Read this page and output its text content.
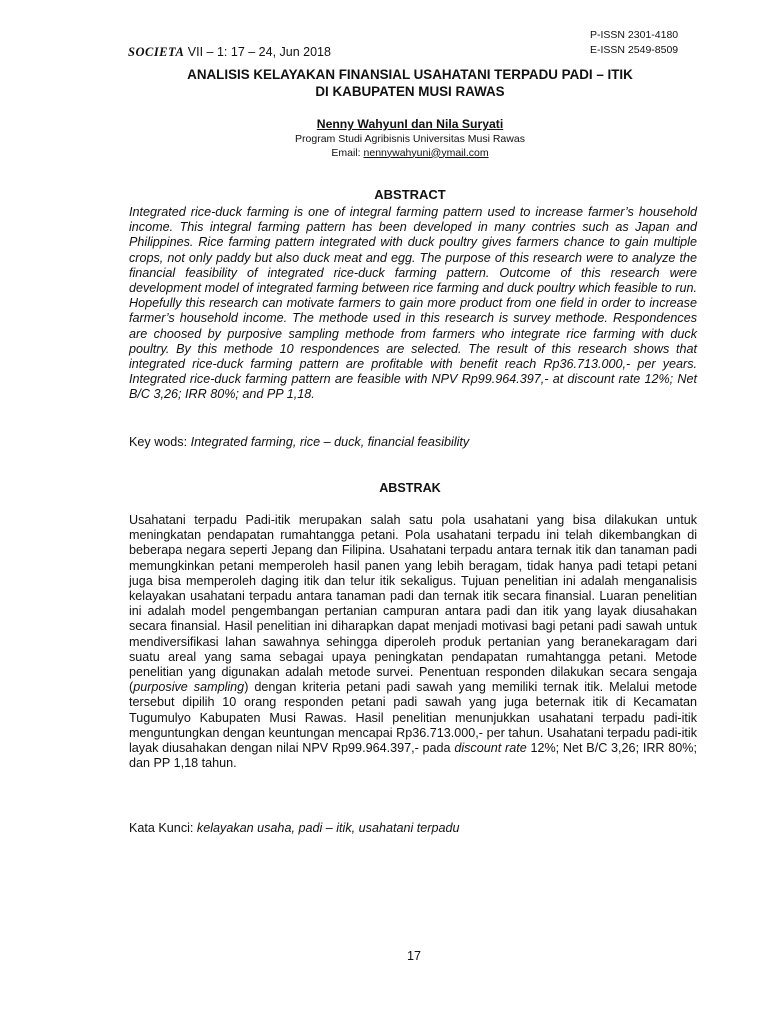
SOCIETA VII – 1: 17 – 24, Jun 2018
P-ISSN 2301-4180
E-ISSN 2549-8509
ANALISIS KELAYAKAN FINANSIAL USAHATANI TERPADU PADI – ITIK
DI KABUPATEN MUSI RAWAS
Nenny WahyunI dan Nila Suryati
Program Studi Agribisnis Universitas Musi Rawas
Email: nennywahyuni@ymail.com
ABSTRACT
Integrated rice-duck farming is one of integral farming pattern used to increase farmer’s household income. This integral farming pattern has been developed in many contries such as Japan and Philippines. Rice farming pattern integrated with duck poultry gives farmers chance to gain multiple crops, not only paddy but also duck meat and egg. The purpose of this research were to analyze the financial feasibility of integrated rice-duck farming pattern. Outcome of this research were development model of integrated farming between rice farming and duck poultry which feasible to run. Hopefully this research can motivate farmers to gain more product from one field in order to increase farmer’s household income. The methode used in this research is survey methode. Respondences are choosed by purposive sampling methode from farmers who integrate rice farming with duck poultry. By this methode 10 respondences are selected. The result of this research shows that integrated rice-duck farming pattern are profitable with benefit reach Rp36.713.000,- per years. Integrated rice-duck farming pattern are feasible with NPV Rp99.964.397,- at discount rate 12%; Net B/C 3,26; IRR 80%; and PP 1,18.
Key wods: Integrated farming, rice – duck, financial feasibility
ABSTRAK
Usahatani terpadu Padi-itik merupakan salah satu pola usahatani yang bisa dilakukan untuk meningkatan pendapatan rumahtangga petani. Pola usahatani terpadu ini telah dikembangkan di beberapa negara seperti Jepang dan Filipina. Usahatani terpadu antara ternak itik dan tanaman padi memungkinkan petani memperoleh hasil panen yang lebih beragam, tidak hanya padi tetapi petani juga bisa memperoleh daging itik dan telur itik sekaligus. Tujuan penelitian ini adalah menganalisis kelayakan usahatani terpadu antara tanaman padi dan ternak itik secara finansial. Luaran penelitian ini adalah model pengembangan pertanian campuran antara padi dan itik yang layak diusahakan secara finansial. Hasil penelitian ini diharapkan dapat menjadi motivasi bagi petani padi sawah untuk mendiversifikasi lahan sawahnya sehingga diperoleh produk pertanian yang beranekaragam dari suatu areal yang sama sebagai upaya peningkatan pendapatan rumahtangga petani. Metode penelitian yang digunakan adalah metode survei. Penentuan responden dilakukan secara sengaja (purposive sampling) dengan kriteria petani padi sawah yang memiliki ternak itik. Melalui metode tersebut dipilih 10 orang responden petani padi sawah yang juga beternak itik di Kecamatan Tugumulyo Kabupaten Musi Rawas. Hasil penelitian menunjukkan usahatani terpadu padi-itik menguntungkan dengan keuntungan mencapai Rp36.713.000,- per tahun. Usahatani terpadu padi-itik layak diusahakan dengan nilai NPV Rp99.964.397,- pada discount rate 12%; Net B/C 3,26; IRR 80%; dan PP 1,18 tahun.
Kata Kunci: kelayakan usaha, padi – itik, usahatani terpadu
17
